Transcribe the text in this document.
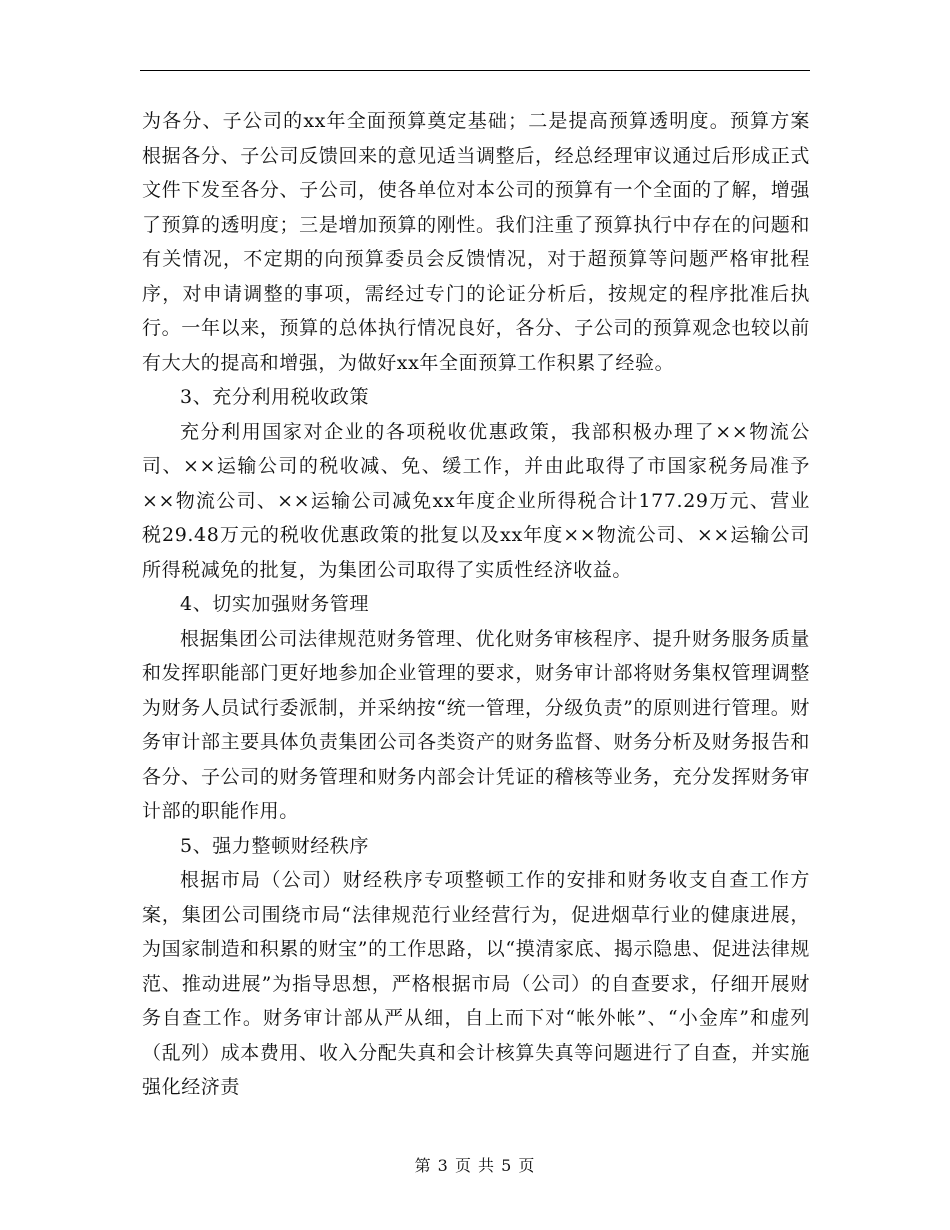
为各分、子公司的xx年全面预算奠定基础；二是提高预算透明度。预算方案根据各分、子公司反馈回来的意见适当调整后，经总经理审议通过后形成正式文件下发至各分、子公司，使各单位对本公司的预算有一个全面的了解，增强了预算的透明度；三是增加预算的刚性。我们注重了预算执行中存在的问题和有关情况，不定期的向预算委员会反馈情况，对于超预算等问题严格审批程序，对申请调整的事项，需经过专门的论证分析后，按规定的程序批准后执行。一年以来，预算的总体执行情况良好，各分、子公司的预算观念也较以前有大大的提高和增强，为做好xx年全面预算工作积累了经验。

3、充分利用税收政策

充分利用国家对企业的各项税收优惠政策，我部积极办理了××物流公司、××运输公司的税收减、免、缓工作，并由此取得了市国家税务局准予××物流公司、××运输公司减免xx年度企业所得税合计177.29万元、营业税29.48万元的税收优惠政策的批复以及xx年度××物流公司、××运输公司所得税减免的批复，为集团公司取得了实质性经济收益。

4、切实加强财务管理

根据集团公司法律规范财务管理、优化财务审核程序、提升财务服务质量和发挥职能部门更好地参加企业管理的要求，财务审计部将财务集权管理调整为财务人员试行委派制，并采纳按“统一管理，分级负责”的原则进行管理。财务审计部主要具体负责集团公司各类资产的财务监督、财务分析及财务报告和各分、子公司的财务管理和财务内部会计凭证的稽核等业务，充分发挥财务审计部的职能作用。

5、强力整顿财经秩序

根据市局（公司）财经秩序专项整顿工作的安排和财务收支自查工作方案，集团公司围绕市局“法律规范行业经营行为，促进烟草行业的健康进展，为国家制造和积累的财宝”的工作思路，以“摸清家底、揭示隐患、促进法律规范、推动进展”为指导思想，严格根据市局（公司）的自查要求，仔细开展财务自查工作。财务审计部从严从细，自上而下对“帐外帐”、“小金库”和虚列（乱列）成本费用、收入分配失真和会计核算失真等问题进行了自查，并实施强化经济责

第 3 页 共 5 页
